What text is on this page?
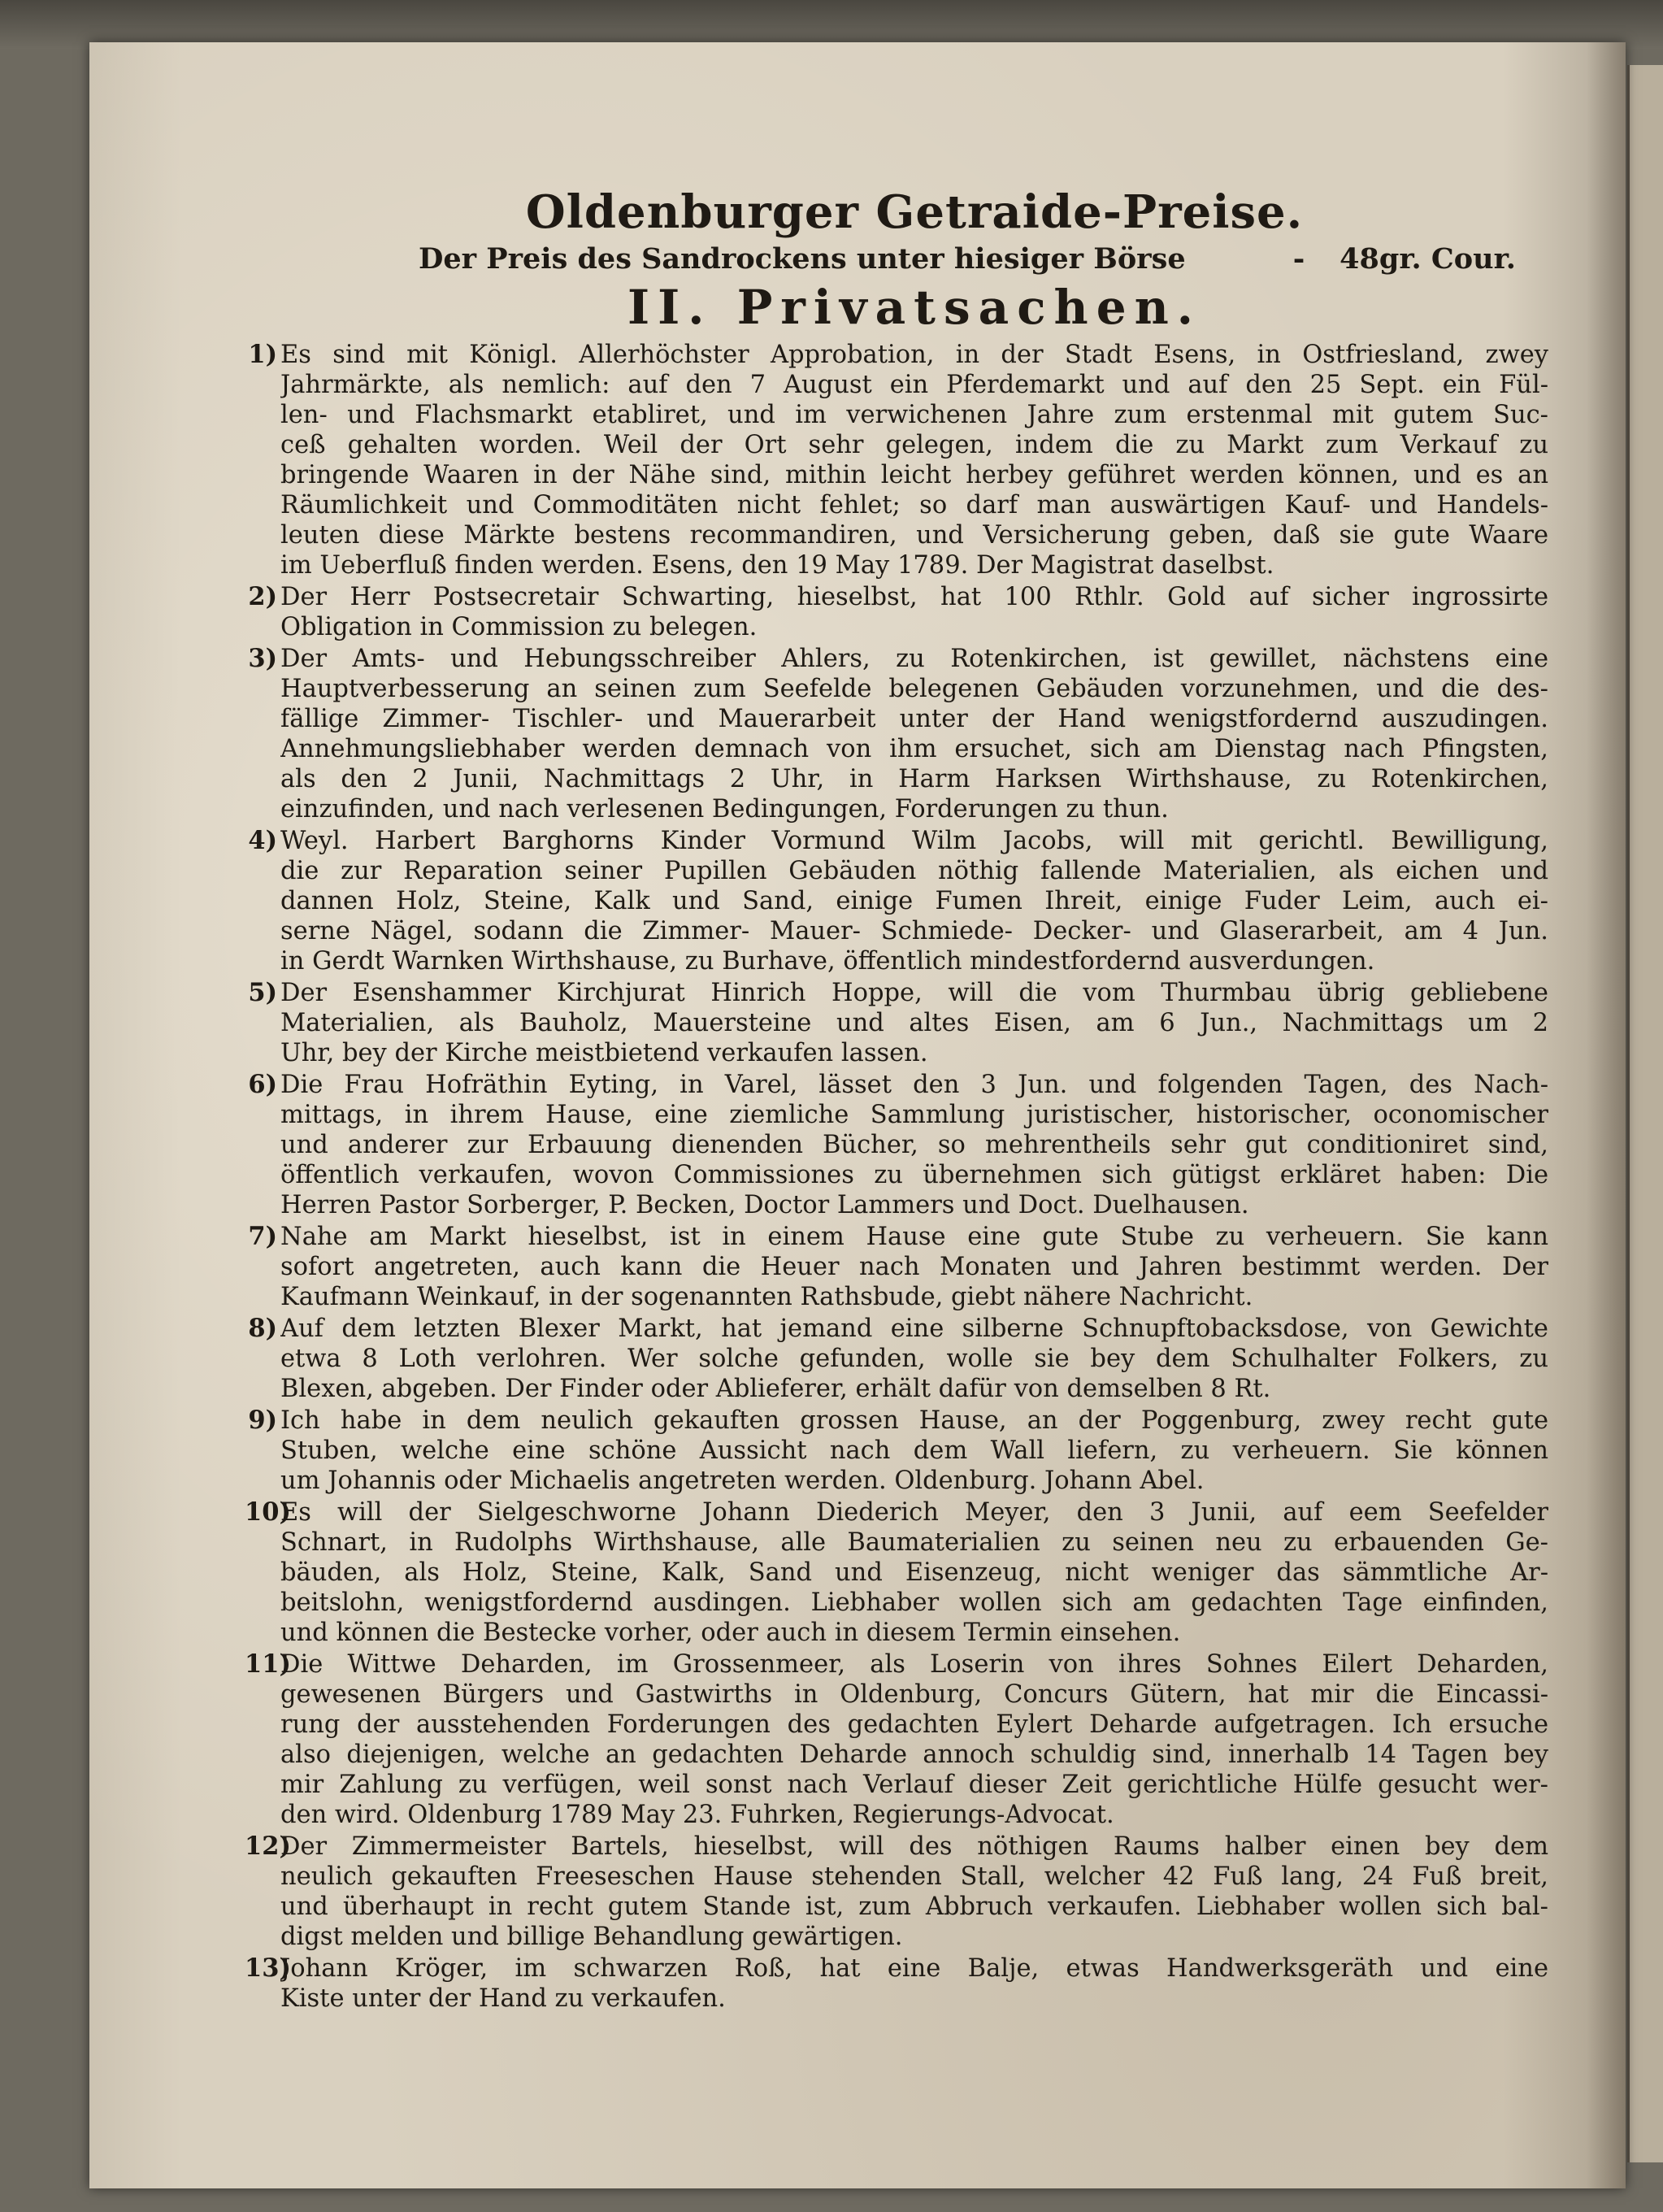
Oldenburger Getraide-Preise.
Der Preis des Sandrockens unter hiesiger Börse	- 48gr. Cour.
II. Privatsachen.
1) Es sind mit Königl. Allerhöchster Approbation, in der Stadt Esens, in Ostfriesland, zwey
Jahrmärkte, als nemlich: auf den 7 August ein Pferdemarkt und auf den 25 Sept. ein Fül-
len- und Flachsmarkt etabliret, und im verwichenen Jahre zum erstenmal mit gutem Suc-
ceß gehalten worden. Weil der Ort sehr gelegen, indem die zu Markt zum Verkauf zu
bringende Waaren in der Nähe sind, mithin leicht herbey geführet werden können, und es an
Räumlichkeit und Commoditäten nicht fehlet; so darf man auswärtigen Kauf- und Handels-
leuten diese Märkte bestens recommandiren, und Versicherung geben, daß sie gute Waare
im Ueberfluß finden werden. Esens, den 19 May 1789. Der Magistrat daselbst.
2) Der Herr Postsecretair Schwarting, hieselbst, hat 100 Rthlr. Gold auf sicher ingrossirte
Obligation in Commission zu belegen.
3) Der Amts- und Hebungsschreiber Ahlers, zu Rotenkirchen, ist gewillet, nächstens eine
Hauptverbesserung an seinen zum Seefelde belegenen Gebäuden vorzunehmen, und die des-
fällige Zimmer- Tischler- und Mauerarbeit unter der Hand wenigstfordernd auszudingen.
Annehmungsliebhaber werden demnach von ihm ersuchet, sich am Dienstag nach Pfingsten,
als den 2 Junii, Nachmittags 2 Uhr, in Harm Harksen Wirthshause, zu Rotenkirchen,
einzufinden, und nach verlesenen Bedingungen, Forderungen zu thun.
4) Weyl. Harbert Barghorns Kinder Vormund Wilm Jacobs, will mit gerichtl. Bewilligung,
die zur Reparation seiner Pupillen Gebäuden nöthig fallende Materialien, als eichen und
dannen Holz, Steine, Kalk und Sand, einige Fumen Ihreit, einige Fuder Leim, auch ei-
serne Nägel, sodann die Zimmer- Mauer- Schmiede- Decker- und Glaserarbeit, am 4 Jun.
in Gerdt Warnken Wirthshause, zu Burhave, öffentlich mindestfordernd ausverdungen.
5) Der Esenshammer Kirchjurat Hinrich Hoppe, will die vom Thurmbau übrig gebliebene
Materialien, als Bauholz, Mauersteine und altes Eisen, am 6 Jun., Nachmittags um 2
Uhr, bey der Kirche meistbietend verkaufen lassen.
6) Die Frau Hofräthin Eyting, in Varel, lässet den 3 Jun. und folgenden Tagen, des Nach-
mittags, in ihrem Hause, eine ziemliche Sammlung juristischer, historischer, oconomischer
und anderer zur Erbauung dienenden Bücher, so mehrentheils sehr gut conditioniret sind,
öffentlich verkaufen, wovon Commissiones zu übernehmen sich gütigst erkläret haben: Die
Herren Pastor Sorberger, P. Becken, Doctor Lammers und Doct. Duelhausen.
7) Nahe am Markt hieselbst, ist in einem Hause eine gute Stube zu verheuern. Sie kann
sofort angetreten, auch kann die Heuer nach Monaten und Jahren bestimmt werden. Der
Kaufmann Weinkauf, in der sogenannten Rathsbude, giebt nähere Nachricht.
8) Auf dem letzten Blexer Markt, hat jemand eine silberne Schnupftobacksdose, von Gewichte
etwa 8 Loth verlohren. Wer solche gefunden, wolle sie bey dem Schulhalter Folkers, zu
Blexen, abgeben. Der Finder oder Ablieferer, erhält dafür von demselben 8 Rt.
9) Ich habe in dem neulich gekauften grossen Hause, an der Poggenburg, zwey recht gute
Stuben, welche eine schöne Aussicht nach dem Wall liefern, zu verheuern. Sie können
um Johannis oder Michaelis angetreten werden. Oldenburg. Johann Abel.
10)
Es will der Sielgeschworne Johann Diederich Meyer, den 3 Junii, auf eem Seefelder
Schnart, in Rudolphs Wirthshause, alle Baumaterialien zu seinen neu zu erbauenden Ge-
bäuden, als Holz, Steine, Kalk, Sand und Eisenzeug, nicht weniger das sämmtliche Ar-
beitslohn, wenigstfordernd ausdingen. Liebhaber wollen sich am gedachten Tage einfinden,
und können die Bestecke vorher, oder auch in diesem Termin einsehen.
11)
Die Wittwe Deharden, im Grossenmeer, als Loserin von ihres Sohnes Eilert Deharden,
gewesenen Bürgers und Gastwirths in Oldenburg, Concurs Gütern, hat mir die Eincassi-
rung der ausstehenden Forderungen des gedachten Eylert Deharde aufgetragen. Ich ersuche
also diejenigen, welche an gedachten Deharde annoch schuldig sind, innerhalb 14 Tagen bey
mir Zahlung zu verfügen, weil sonst nach Verlauf dieser Zeit gerichtliche Hülfe gesucht wer-
den wird. Oldenburg 1789 May 23. Fuhrken, Regierungs-Advocat.
12)
Der Zimmermeister Bartels, hieselbst, will des nöthigen Raums halber einen bey dem
neulich gekauften Freeseschen Hause stehenden Stall, welcher 42 Fuß lang, 24 Fuß breit,
und überhaupt in recht gutem Stande ist, zum Abbruch verkaufen. Liebhaber wollen sich bal-
digst melden und billige Behandlung gewärtigen.
13)
Johann Kröger, im schwarzen Roß, hat eine Balje, etwas Handwerksgeräth und eine
Kiste unter der Hand zu verkaufen.
